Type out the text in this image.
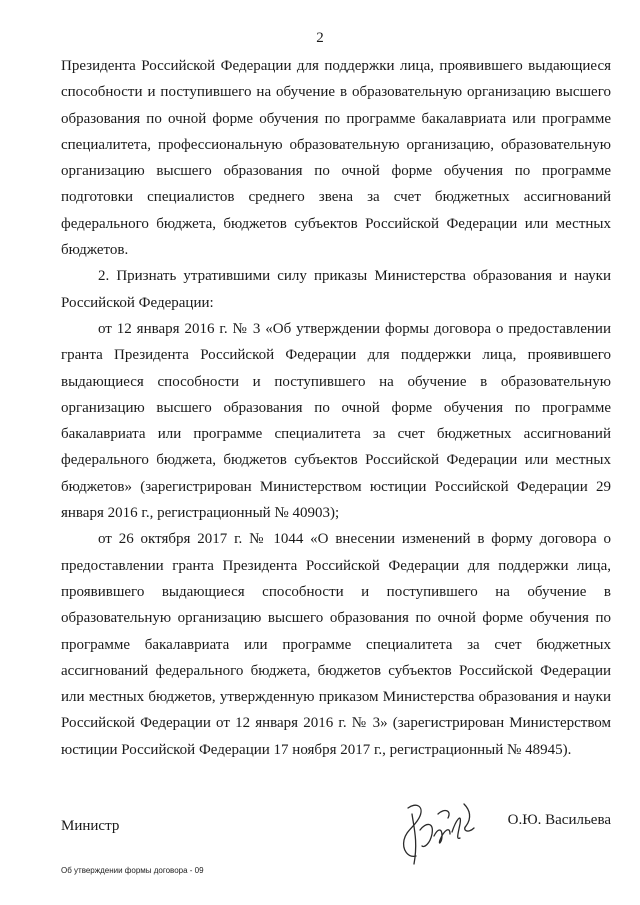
2

Президента Российской Федерации для поддержки лица, проявившего выдающиеся способности и поступившего на обучение в образовательную организацию высшего образования по очной форме обучения по программе бакалавриата или программе специалитета, профессиональную образовательную организацию, образовательную организацию высшего образования по очной форме обучения по программе подготовки специалистов среднего звена за счет бюджетных ассигнований федерального бюджета, бюджетов субъектов Российской Федерации или местных бюджетов.

2. Признать утратившими силу приказы Министерства образования и науки Российской Федерации:

от 12 января 2016 г. № 3 «Об утверждении формы договора о предоставлении гранта Президента Российской Федерации для поддержки лица, проявившего выдающиеся способности и поступившего на обучение в образовательную организацию высшего образования по очной форме обучения по программе бакалавриата или программе специалитета за счет бюджетных ассигнований федерального бюджета, бюджетов субъектов Российской Федерации или местных бюджетов» (зарегистрирован Министерством юстиции Российской Федерации 29 января 2016 г., регистрационный № 40903);

от 26 октября 2017 г. № 1044 «О внесении изменений в форму договора о предоставлении гранта Президента Российской Федерации для поддержки лица, проявившего выдающиеся способности и поступившего на обучение в образовательную организацию высшего образования по очной форме обучения по программе бакалавриата или программе специалитета за счет бюджетных ассигнований федерального бюджета, бюджетов субъектов Российской Федерации или местных бюджетов, утвержденную приказом Министерства образования и науки Российской Федерации от 12 января 2016 г. № 3» (зарегистрирован Министерством юстиции Российской Федерации 17 ноября 2017 г., регистрационный № 48945).

Министр	О.Ю. Васильева
Об утверждении формы договора - 09
